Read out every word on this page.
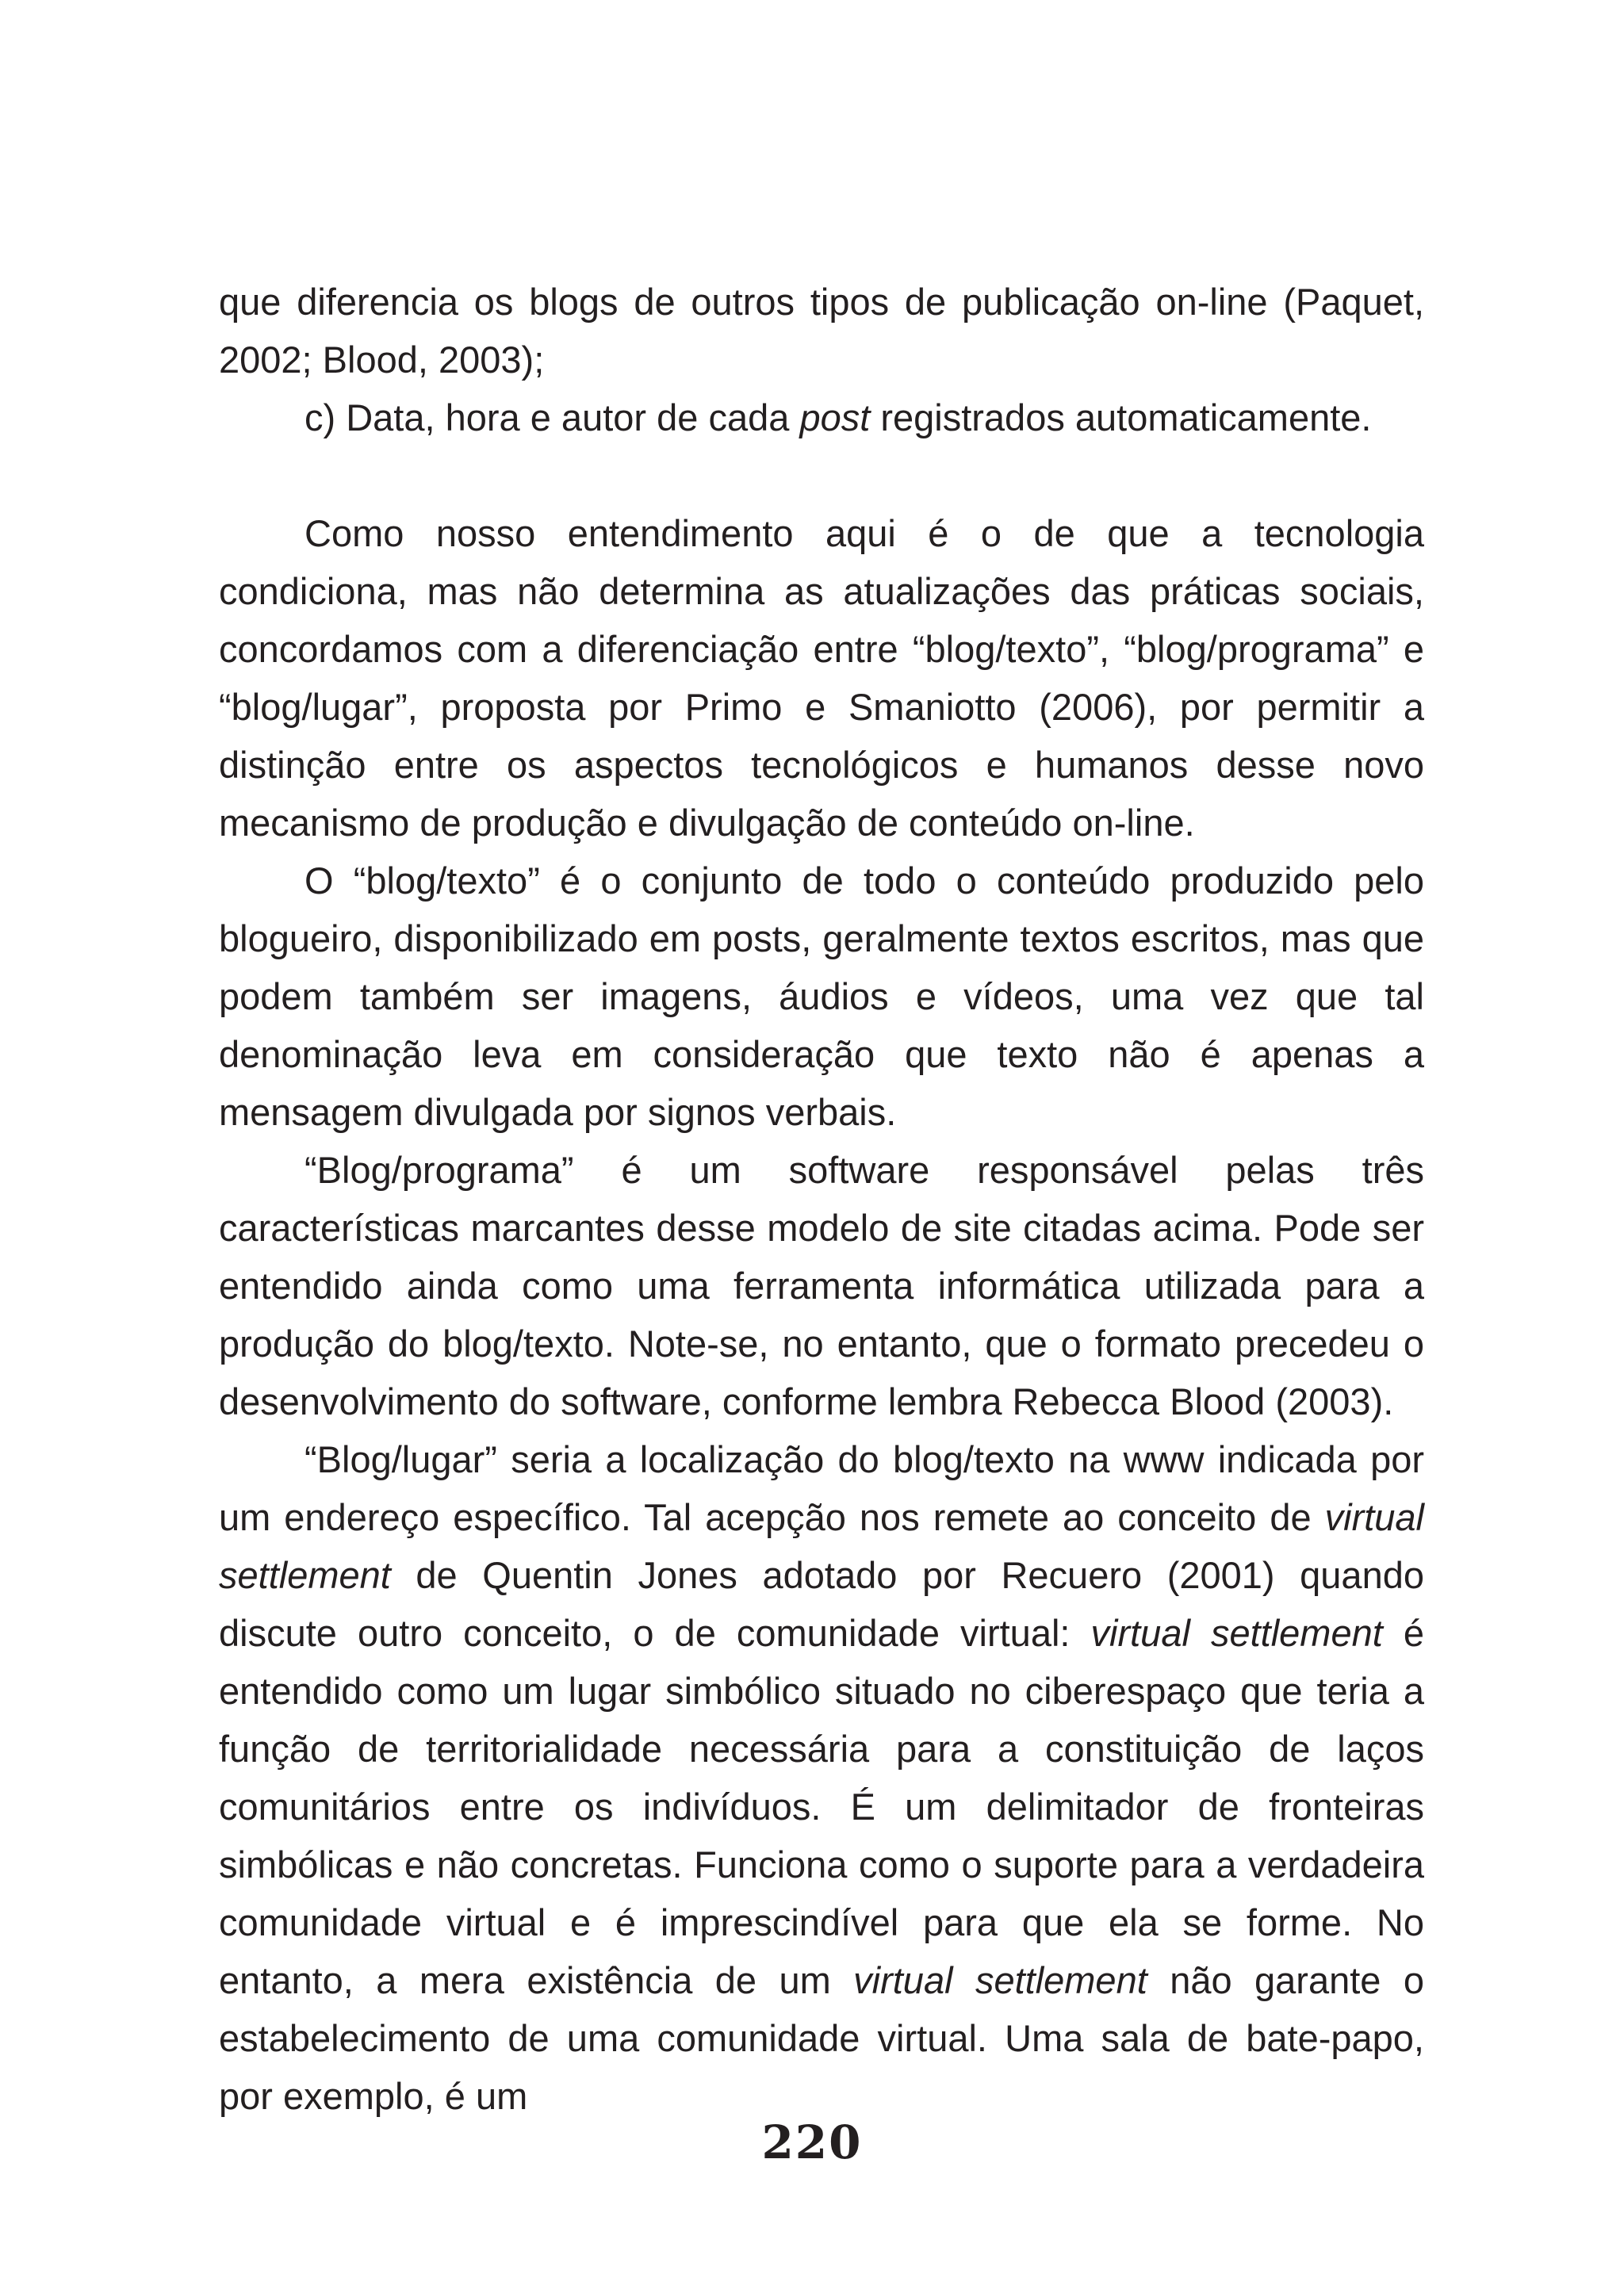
que diferencia os blogs de outros tipos de publicação on-line (Paquet, 2002; Blood, 2003);

c) Data, hora e autor de cada post registrados automaticamente.

Como nosso entendimento aqui é o de que a tecnologia condiciona, mas não determina as atualizações das práticas sociais, concordamos com a diferenciação entre “blog/texto”, “blog/programa” e “blog/lugar”, proposta por Primo e Smaniotto (2006), por permitir a distinção entre os aspectos tecnológicos e humanos desse novo mecanismo de produção e divulgação de conteúdo on-line.

O “blog/texto” é o conjunto de todo o conteúdo produzido pelo blogueiro, disponibilizado em posts, geralmente textos escritos, mas que podem também ser imagens, áudios e vídeos, uma vez que tal denominação leva em consideração que texto não é apenas a mensagem divulgada por signos verbais.

“Blog/programa” é um software responsável pelas três características marcantes desse modelo de site citadas acima. Pode ser entendido ainda como uma ferramenta informática utilizada para a produção do blog/texto. Note-se, no entanto, que o formato precedeu o desenvolvimento do software, conforme lembra Rebecca Blood (2003).

“Blog/lugar” seria a localização do blog/texto na www indicada por um endereço específico. Tal acepção nos remete ao conceito de virtual settlement de Quentin Jones adotado por Recuero (2001) quando discute outro conceito, o de comunidade virtual: virtual settlement é entendido como um lugar simbólico situado no ciberespaço que teria a função de territorialidade necessária para a constituição de laços comunitários entre os indivíduos. É um delimitador de fronteiras simbólicas e não concretas. Funciona como o suporte para a verdadeira comunidade virtual e é imprescindível para que ela se forme. No entanto, a mera existência de um virtual settlement não garante o estabelecimento de uma comunidade virtual. Uma sala de bate-papo, por exemplo, é um

220
